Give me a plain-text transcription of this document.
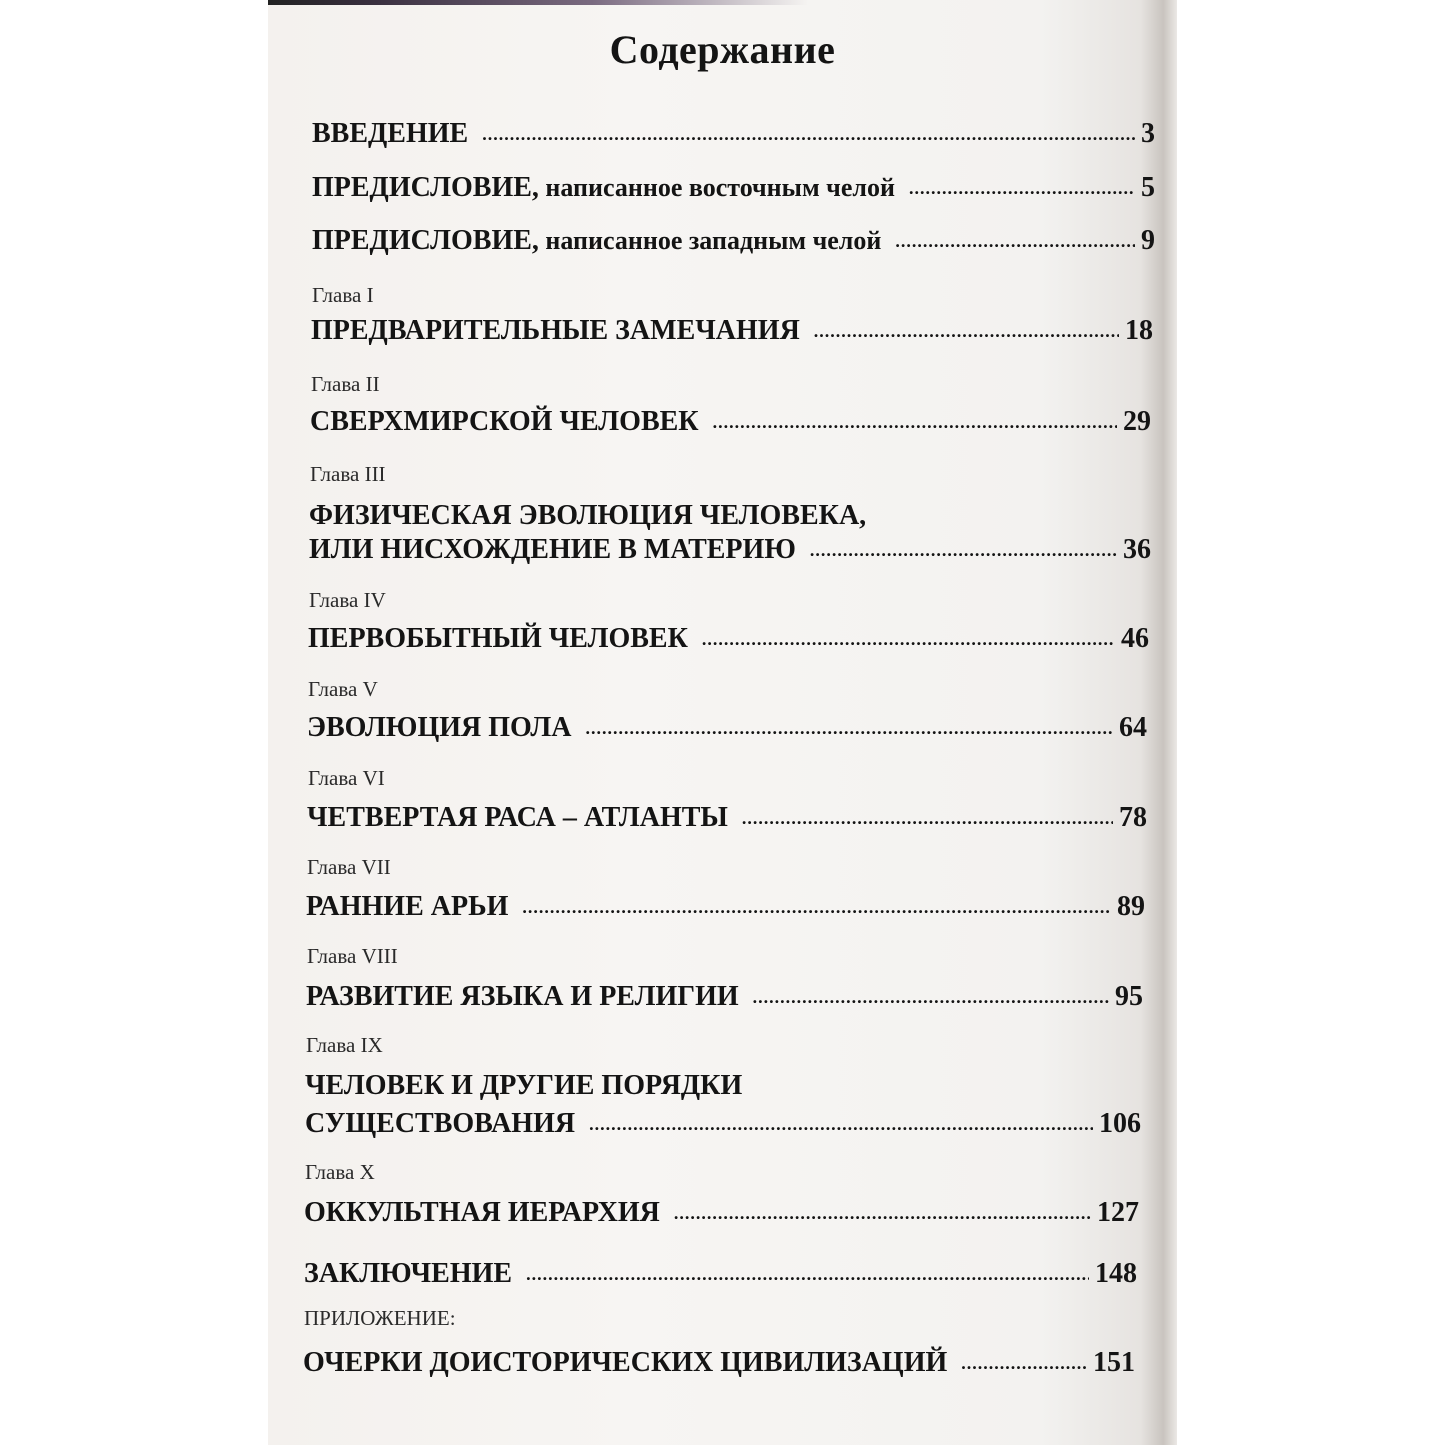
Содержание
ВВЕДЕНИЕ .....	3
ПРЕДИСЛОВИЕ, написанное восточным челой .....	5
ПРЕДИСЛОВИЕ, написанное западным челой .....	9
Глава I
ПРЕДВАРИТЕЛЬНЫЕ ЗАМЕЧАНИЯ .....	18
Глава II
СВЕРХМИРСКОЙ ЧЕЛОВЕК .....	29
Глава III
ФИЗИЧЕСКАЯ ЭВОЛЮЦИЯ ЧЕЛОВЕКА,
ИЛИ НИСХОЖДЕНИЕ В МАТЕРИЮ .....	36
Глава IV
ПЕРВОБЫТНЫЙ ЧЕЛОВЕК .....	46
Глава V
ЭВОЛЮЦИЯ ПОЛА .....	64
Глава VI
ЧЕТВЕРТАЯ РАСА – АТЛАНТЫ .....	78
Глава VII
РАННИЕ АРЬИ .....	89
Глава VIII
РАЗВИТИЕ ЯЗЫКА И РЕЛИГИИ .....	95
Глава IX
ЧЕЛОВЕК И ДРУГИЕ ПОРЯДКИ
СУЩЕСТВОВАНИЯ .....	106
Глава X
ОККУЛЬТНАЯ ИЕРАРХИЯ .....	127
ЗАКЛЮЧЕНИЕ .....	148
ПРИЛОЖЕНИЕ:
ОЧЕРКИ ДОИСТОРИЧЕСКИХ ЦИВИЛИЗАЦИЙ .....	151
